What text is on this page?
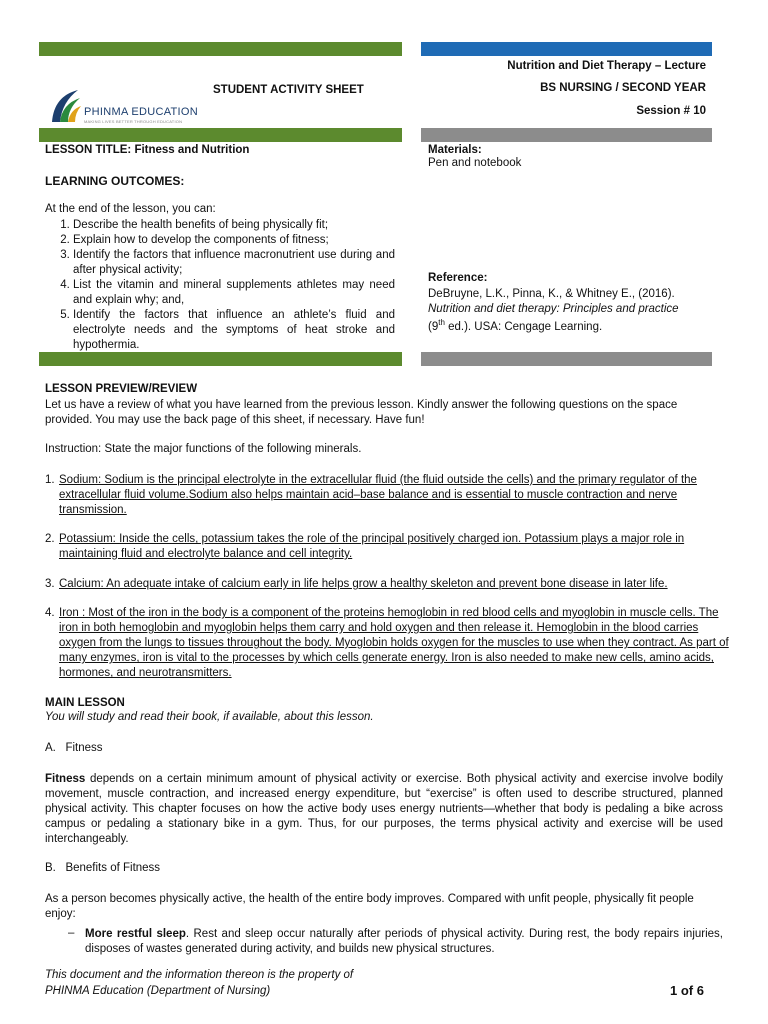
PHINMA EDUCATION
MAKING LIVES BETTER THROUGH EDUCATION
STUDENT ACTIVITY SHEET
Nutrition and Diet Therapy – Lecture
BS NURSING / SECOND YEAR
Session # 10
LESSON TITLE: Fitness and Nutrition
LEARNING OUTCOMES:
At the end of the lesson, you can:
1. Describe the health benefits of being physically fit;
2. Explain how to develop the components of fitness;
3. Identify the factors that influence macronutrient use during and after physical activity;
4. List the vitamin and mineral supplements athletes may need and explain why; and,
5. Identify the factors that influence an athlete’s fluid and electrolyte needs and the symptoms of heat stroke and hypothermia.
Materials:
Pen and notebook
Reference:
DeBruyne, L.K., Pinna, K., & Whitney E., (2016).
Nutrition and diet therapy: Principles and practice
(9th ed.). USA: Cengage Learning.
LESSON PREVIEW/REVIEW
Let us have a review of what you have learned from the previous lesson. Kindly answer the following questions on the space provided. You may use the back page of this sheet, if necessary. Have fun!
Instruction: State the major functions of the following minerals.
1. Sodium: Sodium is the principal electrolyte in the extracellular fluid (the fluid outside the cells) and the primary regulator of the extracellular fluid volume.Sodium also helps maintain acid–base balance and is essential to muscle contraction and nerve transmission.
2. Potassium: Inside the cells, potassium takes the role of the principal positively charged ion. Potassium plays a major role in maintaining fluid and electrolyte balance and cell integrity.
3. Calcium: An adequate intake of calcium early in life helps grow a healthy skeleton and prevent bone disease in later life.
4. Iron : Most of the iron in the body is a component of the proteins hemoglobin in red blood cells and myoglobin in muscle cells. The iron in both hemoglobin and myoglobin helps them carry and hold oxygen and then release it. Hemoglobin in the blood carries oxygen from the lungs to tissues throughout the body. Myoglobin holds oxygen for the muscles to use when they contract. As part of many enzymes, iron is vital to the processes by which cells generate energy. Iron is also needed to make new cells, amino acids, hormones, and neurotransmitters.
MAIN LESSON
You will study and read their book, if available, about this lesson.
A.   Fitness
Fitness depends on a certain minimum amount of physical activity or exercise. Both physical activity and exercise involve bodily movement, muscle contraction, and increased energy expenditure, but “exercise” is often used to describe structured, planned physical activity. This chapter focuses on how the active body uses energy nutrients—whether that body is pedaling a bike across campus or pedaling a stationary bike in a gym. Thus, for our purposes, the terms physical activity and exercise will be used interchangeably.
B.   Benefits of Fitness
As a person becomes physically active, the health of the entire body improves. Compared with unfit people, physically fit people enjoy:
– More restful sleep. Rest and sleep occur naturally after periods of physical activity. During rest, the body repairs injuries, disposes of wastes generated during activity, and builds new physical structures.
This document and the information thereon is the property of
PHINMA Education (Department of Nursing)	1 of 6
